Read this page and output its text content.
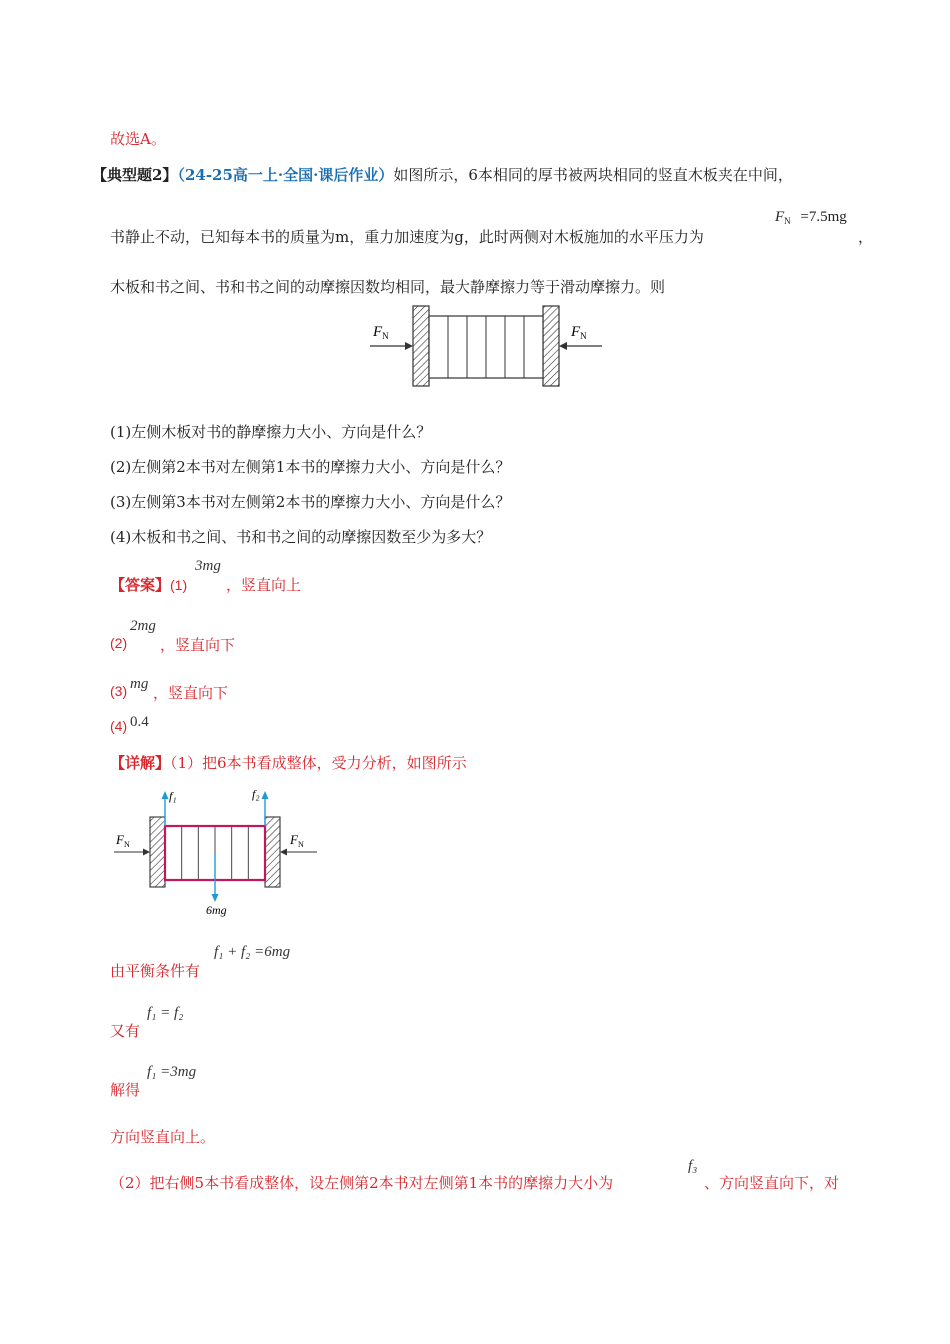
故选A。
【典型题2】（24-25高一上·全国·课后作业）如图所示，6本相同的厚书被两块相同的竖直木板夹在中间，
书静止不动，已知每本书的质量为m，重力加速度为g，此时两侧对木板施加的水平压力为
$F_N =7.5mg$
，
木板和书之间、书和书之间的动摩擦因数均相同，最大静摩擦力等于滑动摩擦力。则
$F_N$	$F_N$
(1)左侧木板对书的静摩擦力大小、方向是什么？
(2)左侧第2本书对左侧第1本书的摩擦力大小、方向是什么？
(3)左侧第3本书对左侧第2本书的摩擦力大小、方向是什么？
(4)木板和书之间、书和书之间的动摩擦因数至少为多大？
【答案】(1)
3mg
，竖直向上
(2)
2mg
，竖直向下
(3) mg ，竖直向下
(4) 0.4
【详解】（1）把6本书看成整体，受力分析，如图所示
f₁	f₂
6mg
$F_N$	$F_N$
由平衡条件有
f₁ + f₂ =6mg
又有
f₁ = f₂
解得
f₁ =3mg
方向竖直向上。
（2）把右侧5本书看成整体，设左侧第2本书对左侧第1本书的摩擦力大小为
f₃
、方向竖直向下，对
